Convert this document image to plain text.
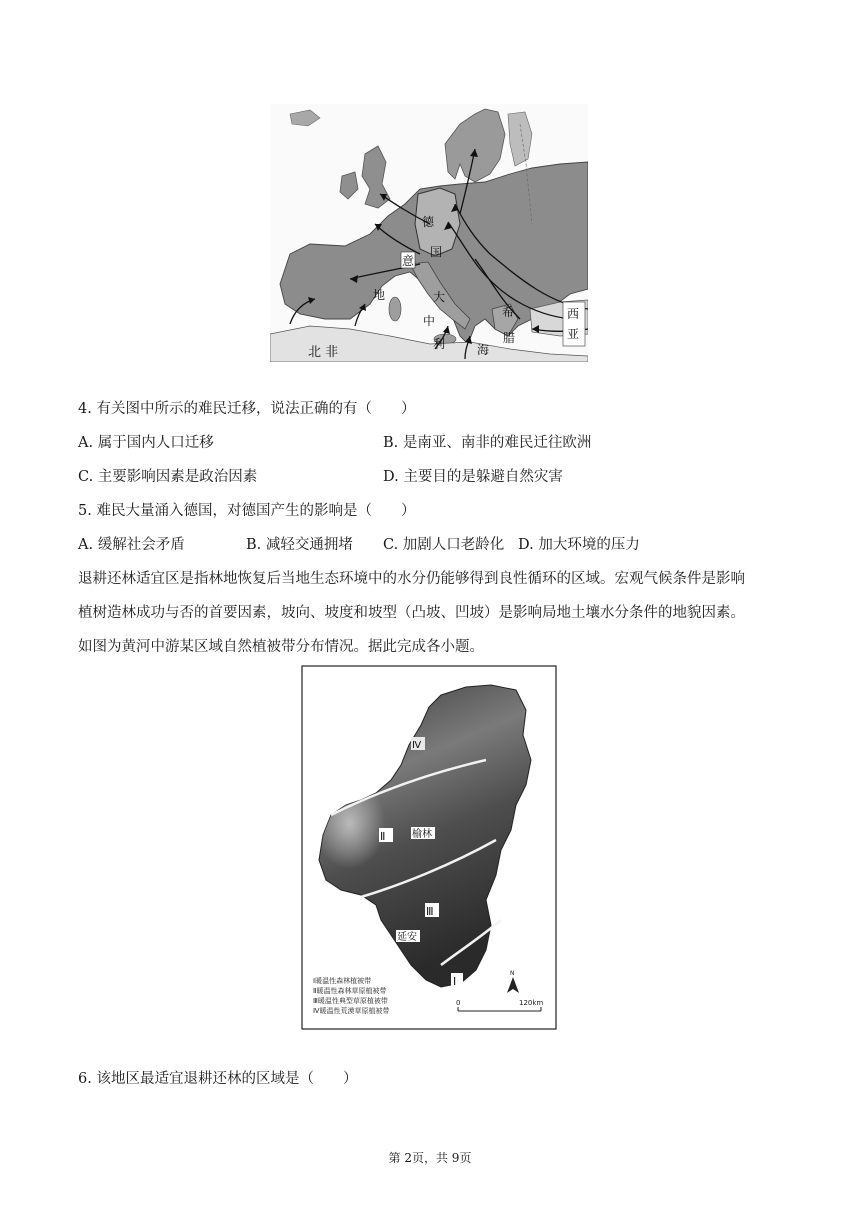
德
国
意
地	大
中
利	海
希
腊
西
亚
北 非
4. 有关图中所示的难民迁移，说法正确的有（　　）
A. 属于国内人口迁移	B. 是南亚、南非的难民迁往欧洲
C. 主要影响因素是政治因素	D. 主要目的是躲避自然灾害
5. 难民大量涌入德国，对德国产生的影响是（　　）
A. 缓解社会矛盾	B. 减轻交通拥堵 C. 加剧人口老龄化 D. 加大环境的压力
退耕还林适宜区是指林地恢复后当地生态环境中的水分仍能够得到良性循环的区域。宏观气候条件是影响
植树造林成功与否的首要因素，坡向、坡度和坡型（凸坡、凹坡）是影响局地土壤水分条件的地貌因素。
如图为黄河中游某区域自然植被带分布情况。据此完成各小题。
Ⅳ
Ⅱ	榆林
Ⅲ
延安
Ⅰ
Ⅰ暖温性森林植被带
Ⅱ暖温性森林草原植被带
Ⅲ暖温性典型草原植被带
Ⅳ暖温性荒漠草原植被带
N
0	120km
6. 该地区最适宜退耕还林的区域是（　　）
第 2页，共 9页
